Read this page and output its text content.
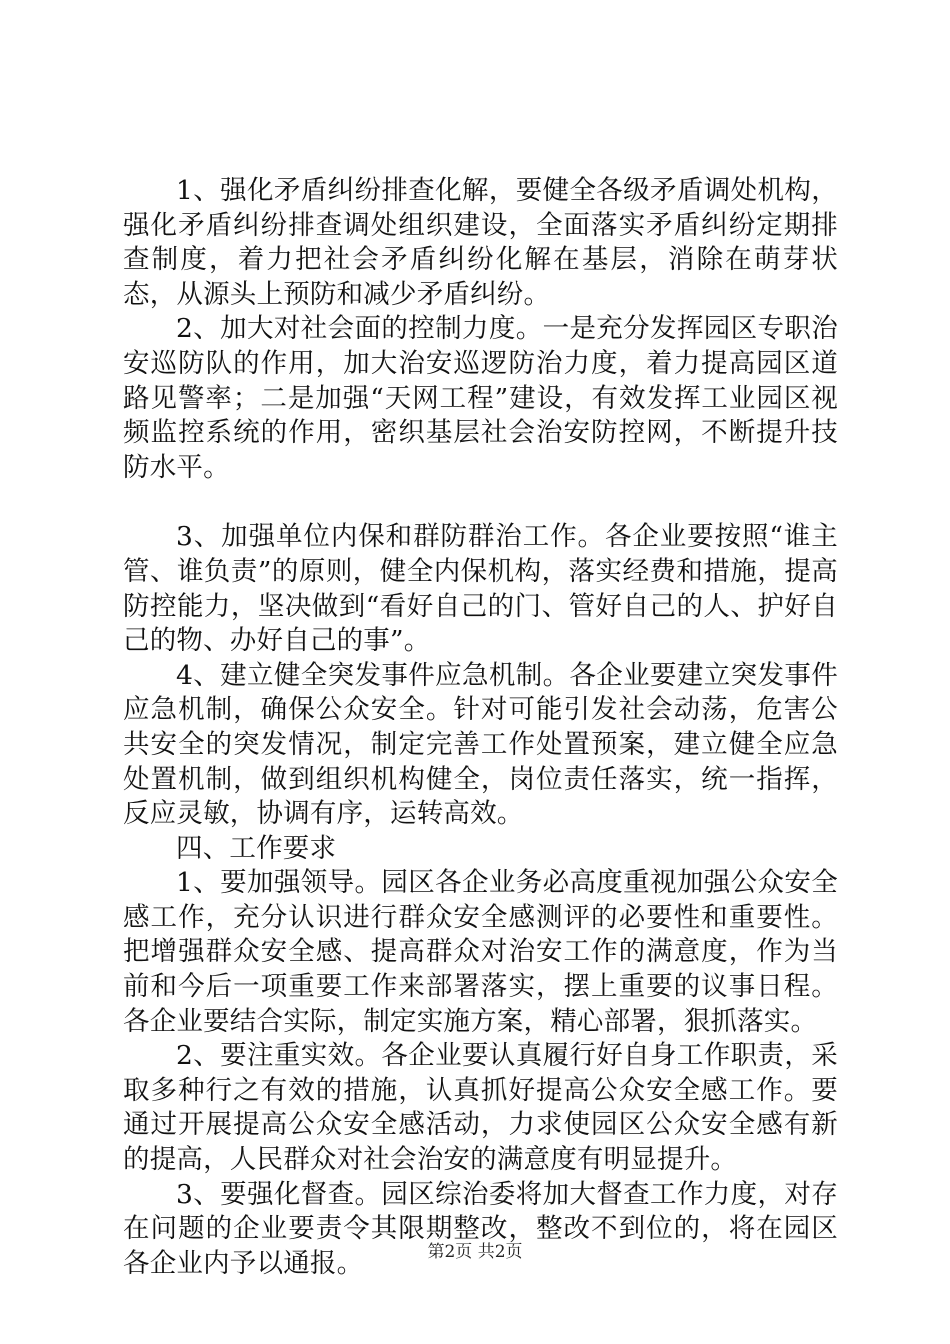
1、强化矛盾纠纷排查化解，要健全各级矛盾调处机构，强化矛盾纠纷排查调处组织建设，全面落实矛盾纠纷定期排查制度，着力把社会矛盾纠纷化解在基层，消除在萌芽状态，从源头上预防和减少矛盾纠纷。

2、加大对社会面的控制力度。一是充分发挥园区专职治安巡防队的作用，加大治安巡逻防治力度，着力提高园区道路见警率；二是加强“天网工程”建设，有效发挥工业园区视频监控系统的作用，密织基层社会治安防控网，不断提升技防水平。

3、加强单位内保和群防群治工作。各企业要按照“谁主管、谁负责”的原则，健全内保机构，落实经费和措施，提高防控能力，坚决做到“看好自己的门、管好自己的人、护好自己的物、办好自己的事”。

4、建立健全突发事件应急机制。各企业要建立突发事件应急机制，确保公众安全。针对可能引发社会动荡，危害公共安全的突发情况，制定完善工作处置预案，建立健全应急处置机制，做到组织机构健全，岗位责任落实，统一指挥，反应灵敏，协调有序，运转高效。

四、工作要求

1、要加强领导。园区各企业务必高度重视加强公众安全感工作，充分认识进行群众安全感测评的必要性和重要性。把增强群众安全感、提高群众对治安工作的满意度，作为当前和今后一项重要工作来部署落实，摆上重要的议事日程。各企业要结合实际，制定实施方案，精心部署，狠抓落实。

2、要注重实效。各企业要认真履行好自身工作职责，采取多种行之有效的措施，认真抓好提高公众安全感工作。要通过开展提高公众安全感活动，力求使园区公众安全感有新的提高，人民群众对社会治安的满意度有明显提升。

3、要强化督查。园区综治委将加大督查工作力度，对存在问题的企业要责令其限期整改，整改不到位的，将在园区各企业内予以通报。	第2页 共2页
